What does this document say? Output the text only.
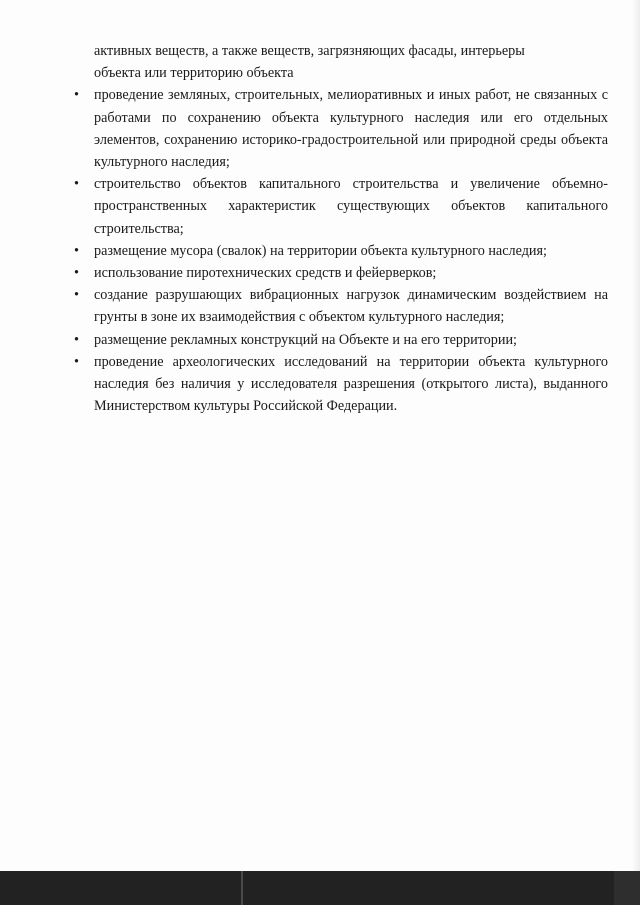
активных веществ, а также веществ, загрязняющих фасады, интерьеры

объекта или территорию объекта

•	проведение земляных, строительных, мелиоративных и иных работ, не связанных с работами по сохранению объекта культурного наследия или его отдельных элементов, сохранению историко-градостроительной или природной среды объекта культурного наследия;
•	строительство объектов капитального строительства и увеличение объемно-пространственных характеристик существующих объектов капитального строительства;
•	размещение мусора (свалок) на территории объекта культурного наследия;
•	использование пиротехнических средств и фейерверков;
•	создание разрушающих вибрационных нагрузок динамическим воздействием на грунты в зоне их взаимодействия с объектом культурного наследия;
•	размещение рекламных конструкций на Объекте и на его территории;
•	проведение археологических исследований на территории объекта культурного наследия без наличия у исследователя разрешения (открытого листа), выданного Министерством культуры Российской Федерации.
